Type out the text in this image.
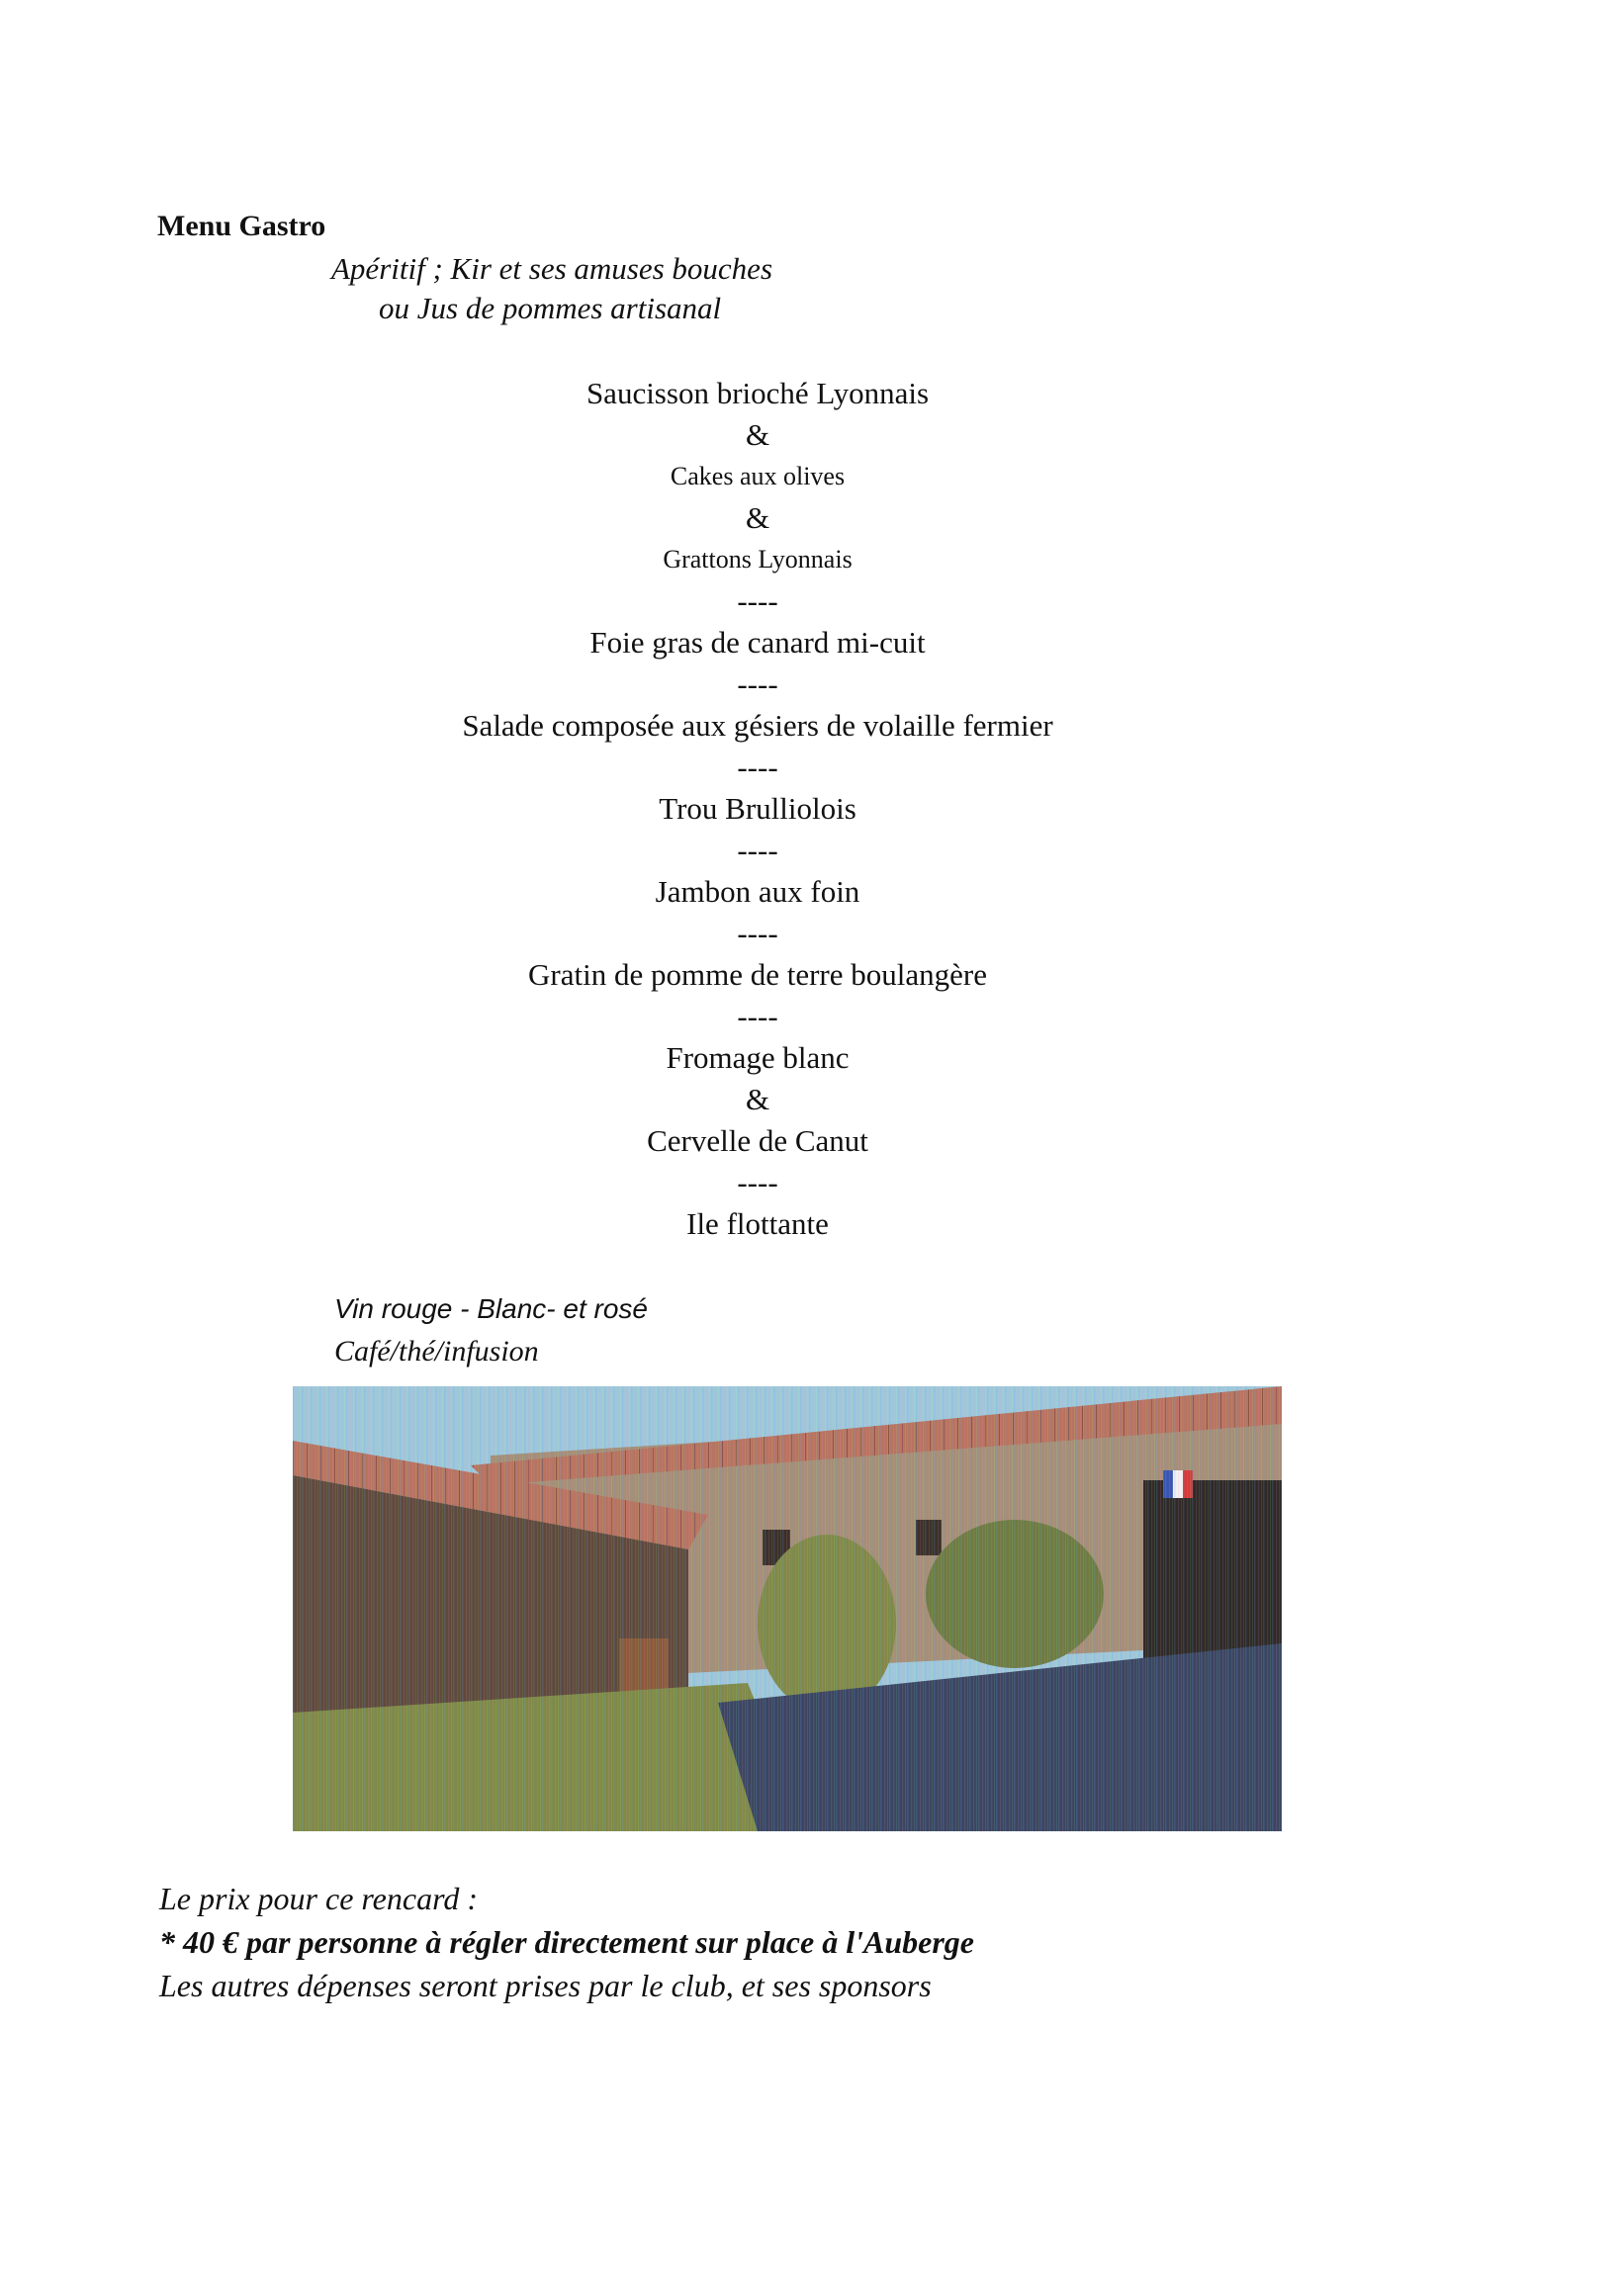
Menu Gastro
Apéritif ; Kir et ses amuses bouches
ou Jus de pommes artisanal
Saucisson brioché Lyonnais
&
Cakes aux olives
&
Grattons Lyonnais
----
Foie gras de canard mi-cuit
----
Salade composée aux gésiers de volaille fermier
----
Trou Brulliolois
----
Jambon aux foin
----
Gratin de pomme de terre boulangère
----
Fromage blanc
&
Cervelle de Canut
----
Ile flottante
Vin rouge - Blanc- et rosé
Café/thé/infusion
Le prix pour ce rencard :
* 40 € par personne à régler directement sur place à l'Auberge
Les autres dépenses seront prises par le club, et ses sponsors
